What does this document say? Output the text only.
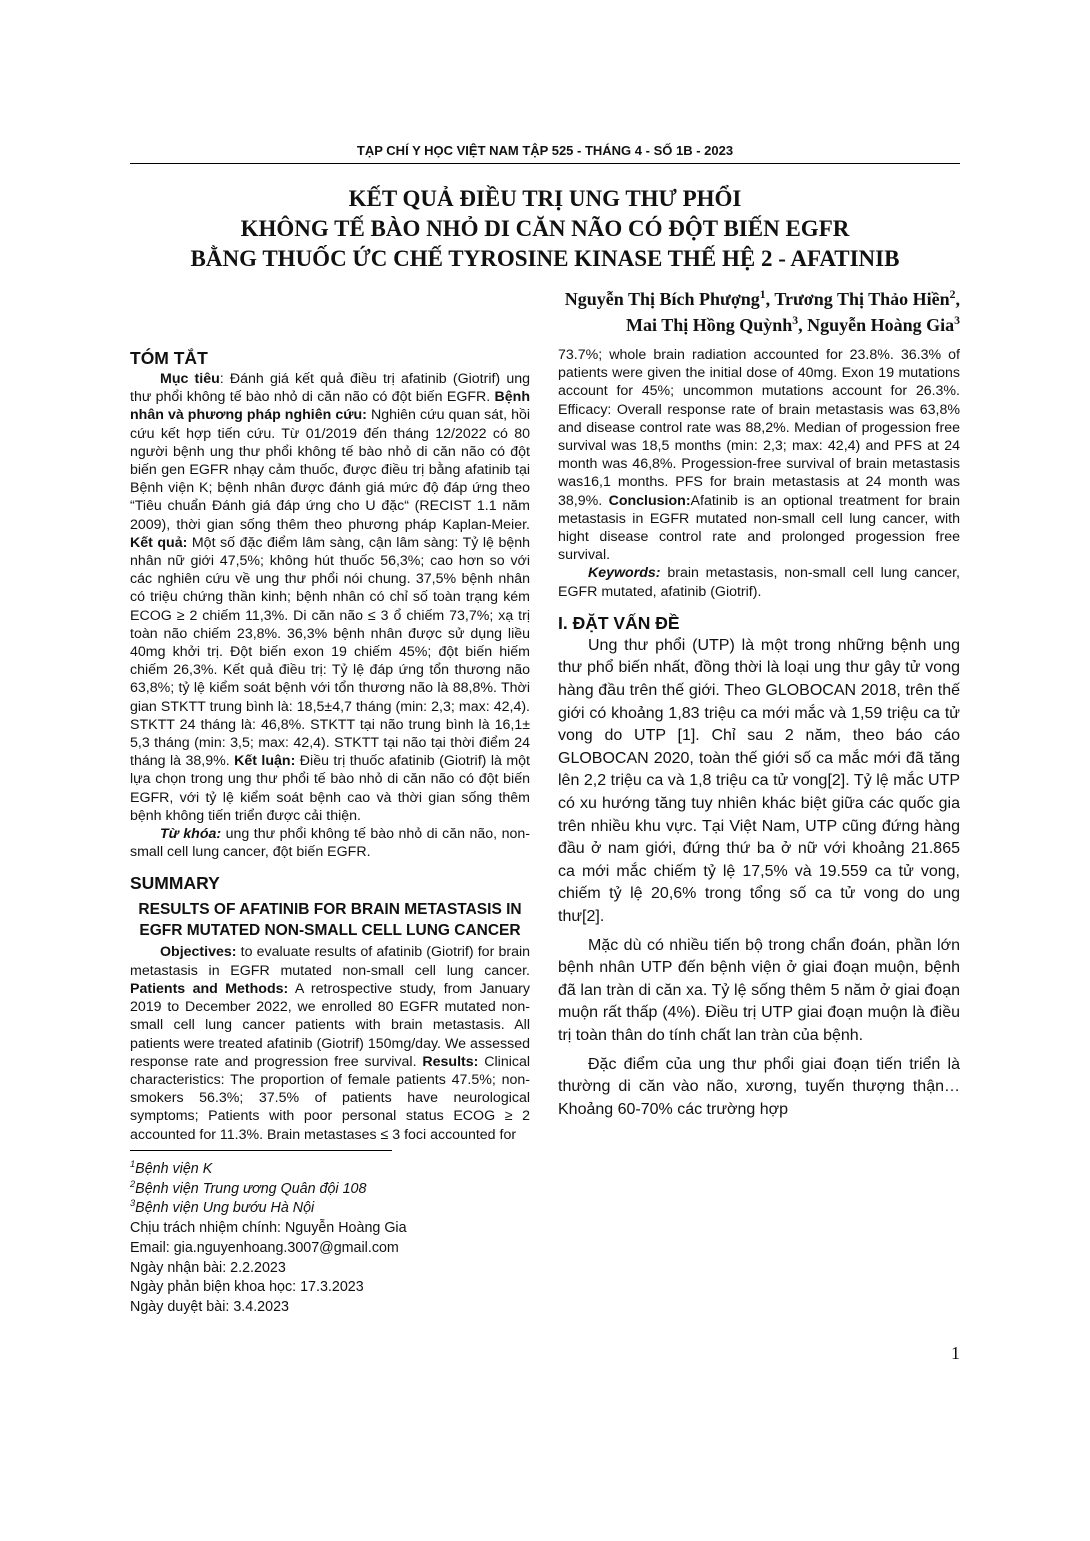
TẠP CHÍ Y HỌC VIỆT NAM TẬP 525 - THÁNG 4 - SỐ 1B - 2023
KẾT QUẢ ĐIỀU TRỊ UNG THƯ PHỔI
KHÔNG TẾ BÀO NHỎ DI CĂN NÃO CÓ ĐỘT BIẾN EGFR
BẰNG THUỐC ỨC CHẾ TYROSINE KINASE THẾ HỆ 2 - AFATINIB
Nguyễn Thị Bích Phượng$^1$, Trương Thị Thảo Hiền$^2$,
Mai Thị Hồng Quỳnh$^3$, Nguyễn Hoàng Gia$^3$
TÓM TẮT

Mục tiêu: Đánh giá kết quả điều trị afatinib (Giotrif) ung thư phổi không tế bào nhỏ di căn não có đột biến EGFR. Bệnh nhân và phương pháp nghiên cứu: Nghiên cứu quan sát, hồi cứu kết hợp tiến cứu. Từ 01/2019 đến tháng 12/2022 có 80 người bệnh ung thư phổi không tế bào nhỏ di căn não có đột biến gen EGFR nhạy cảm thuốc, được điều trị bằng afatinib tại Bệnh viện K; bệnh nhân được đánh giá mức độ đáp ứng theo “Tiêu chuẩn Đánh giá đáp ứng cho U đặc“ (RECIST 1.1 năm 2009), thời gian sống thêm theo phương pháp Kaplan-Meier. Kết quả: Một số đặc điểm lâm sàng, cận lâm sàng: Tỷ lệ bệnh nhân nữ giới 47,5%; không hút thuốc 56,3%; cao hơn so với các nghiên cứu về ung thư phổi nói chung. 37,5% bệnh nhân có triệu chứng thần kinh; bệnh nhân có chỉ số toàn trạng kém ECOG ≥ 2 chiếm 11,3%. Di căn não ≤ 3 ổ chiếm 73,7%; xạ trị toàn não chiếm 23,8%. 36,3% bệnh nhân được sử dụng liều 40mg khởi trị. Đột biến exon 19 chiếm 45%; đột biến hiếm chiếm 26,3%. Kết quả điều trị: Tỷ lệ đáp ứng tổn thương não 63,8%; tỷ lệ kiểm soát bệnh với tổn thương não là 88,8%. Thời gian STKTT trung bình là: 18,5±4,7 tháng (min: 2,3; max: 42,4). STKTT 24 tháng là: 46,8%. STKTT tại não trung bình là 16,1± 5,3 tháng (min: 3,5; max: 42,4). STKTT tại não tại thời điểm 24 tháng là 38,9%. Kết luận: Điều trị thuốc afatinib (Giotrif) là một lựa chọn trong ung thư phổi tế bào nhỏ di căn não có đột biến EGFR, với tỷ lệ kiểm soát bệnh cao và thời gian sống thêm bệnh không tiến triển được cải thiện.

Từ khóa: ung thư phổi không tế bào nhỏ di căn não, non-small cell lung cancer, đột biến EGFR.

SUMMARY
RESULTS OF AFATINIB FOR BRAIN METASTASIS IN EGFR MUTATED NON-SMALL CELL LUNG CANCER

Objectives: to evaluate results of afatinib (Giotrif) for brain metastasis in EGFR mutated non-small cell lung cancer. Patients and Methods: A retrospective study, from January 2019 to December 2022, we enrolled 80 EGFR mutated non-small cell lung cancer patients with brain metastasis. All patients were treated afatinib (Giotrif) 150mg/day. We assessed response rate and progression free survival. Results: Clinical characteristics: The proportion of female patients 47.5%; non-smokers 56.3%; 37.5% of patients have neurological symptoms; Patients with poor personal status ECOG ≥ 2 accounted for 11.3%. Brain metastases ≤ 3 foci accounted for

73.7%; whole brain radiation accounted for 23.8%. 36.3% of patients were given the initial dose of 40mg. Exon 19 mutations account for 45%; uncommon mutations account for 26.3%. Efficacy: Overall response rate of brain metastasis was 63,8% and disease control rate was 88,2%. Median of progession free survival was 18,5 months (min: 2,3; max: 42,4) and PFS at 24 month was 46,8%. Progession-free survival of brain metastasis was16,1 months. PFS for brain metastasis at 24 month was 38,9%. Conclusion:Afatinib is an optional treatment for brain metastasis in EGFR mutated non-small cell lung cancer, with hight disease control rate and prolonged progession free survival.

Keywords: brain metastasis, non-small cell lung cancer, EGFR mutated, afatinib (Giotrif).

I. ĐẶT VẤN ĐỀ

Ung thư phổi (UTP) là một trong những bệnh ung thư phổ biến nhất, đồng thời là loại ung thư gây tử vong hàng đầu trên thế giới. Theo GLOBOCAN 2018, trên thế giới có khoảng 1,83 triệu ca mới mắc và 1,59 triệu ca tử vong do UTP [1]. Chỉ sau 2 năm, theo báo cáo GLOBOCAN 2020, toàn thế giới số ca mắc mới đã tăng lên 2,2 triệu ca và 1,8 triệu ca tử vong[2]. Tỷ lệ mắc UTP có xu hướng tăng tuy nhiên khác biệt giữa các quốc gia trên nhiều khu vực. Tại Việt Nam, UTP cũng đứng hàng đầu ở nam giới, đứng thứ ba ở nữ với khoảng 21.865 ca mới mắc chiếm tỷ lệ 17,5% và 19.559 ca tử vong, chiếm tỷ lệ 20,6% trong tổng số ca tử vong do ung thư[2].

Mặc dù có nhiều tiến bộ trong chẩn đoán, phần lớn bệnh nhân UTP đến bệnh viện ở giai đoạn muộn, bệnh đã lan tràn di căn xa. Tỷ lệ sống thêm 5 năm ở giai đoạn muộn rất thấp (4%). Điều trị UTP giai đoạn muộn là điều trị toàn thân do tính chất lan tràn của bệnh.

Đặc điểm của ung thư phổi giai đoạn tiến triển là thường di căn vào não, xương, tuyến thượng thận… Khoảng 60-70% các trường hợp

$^1$Bệnh viện K
$^2$Bệnh viện Trung ương Quân đội 108
$^3$Bệnh viện Ung bướu Hà Nội
Chịu trách nhiệm chính: Nguyễn Hoàng Gia
Email: gia.nguyenhoang.3007@gmail.com
Ngày nhận bài: 2.2.2023
Ngày phản biện khoa học: 17.3.2023
Ngày duyệt bài: 3.4.2023
1
